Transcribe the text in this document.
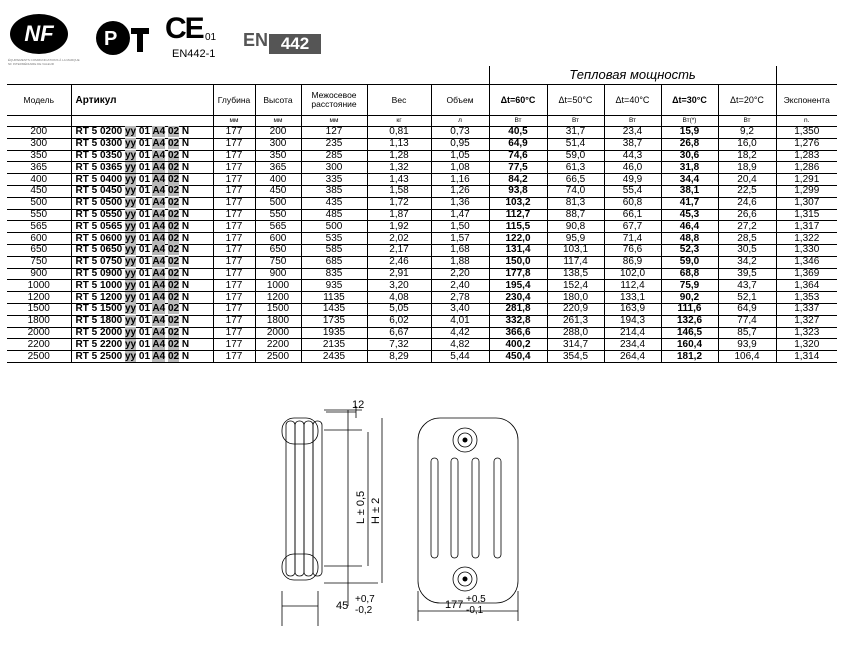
NF
ÉQUIPEMENTS COMMUNICATIONS À LA MARQUE NF INTERMÉDIAIRE DE VALEUR
Р CE 01
EN442-1
EN 442
							Тепловая мощность					
Модель	Артикул	Глубина	Высота	Межосевое расстояние	Вес	Объем	Δt=60°C	Δt=50°C	Δt=40°C	Δt=30°C	Δt=20°C	Экспонента
		мм	мм	мм	кг	л	Вт	Вт	Вт	Вт(*)	Вт	n.
200	RT 5 0200 yy 01 A4 02 N	177	200	127	0,81	0,73	40,5	31,7	23,4	15,9	9,2	1,350
300	RT 5 0300 yy 01 A4 02 N	177	300	235	1,13	0,95	64,9	51,4	38,7	26,8	16,0	1,276
350	RT 5 0350 yy 01 A4 02 N	177	350	285	1,28	1,05	74,6	59,0	44,3	30,6	18,2	1,283
365	RT 5 0365 yy 01 A4 02 N	177	365	300	1,32	1,08	77,5	61,3	46,0	31,8	18,9	1,286
400	RT 5 0400 yy 01 A4 02 N	177	400	335	1,43	1,16	84,2	66,5	49,9	34,4	20,4	1,291
450	RT 5 0450 yy 01 A4 02 N	177	450	385	1,58	1,26	93,8	74,0	55,4	38,1	22,5	1,299
500	RT 5 0500 yy 01 A4 02 N	177	500	435	1,72	1,36	103,2	81,3	60,8	41,7	24,6	1,307
550	RT 5 0550 yy 01 A4 02 N	177	550	485	1,87	1,47	112,7	88,7	66,1	45,3	26,6	1,315
565	RT 5 0565 yy 01 A4 02 N	177	565	500	1,92	1,50	115,5	90,8	67,7	46,4	27,2	1,317
600	RT 5 0600 yy 01 A4 02 N	177	600	535	2,02	1,57	122,0	95,9	71,4	48,8	28,5	1,322
650	RT 5 0650 yy 01 A4 02 N	177	650	585	2,17	1,68	131,4	103,1	76,6	52,3	30,5	1,330
750	RT 5 0750 yy 01 A4 02 N	177	750	685	2,46	1,88	150,0	117,4	86,9	59,0	34,2	1,346
900	RT 5 0900 yy 01 A4 02 N	177	900	835	2,91	2,20	177,8	138,5	102,0	68,8	39,5	1,369
1000	RT 5 1000 yy 01 A4 02 N	177	1000	935	3,20	2,40	195,4	152,4	112,4	75,9	43,7	1,364
1200	RT 5 1200 yy 01 A4 02 N	177	1200	1135	4,08	2,78	230,4	180,0	133,1	90,2	52,1	1,353
1500	RT 5 1500 yy 01 A4 02 N	177	1500	1435	5,05	3,40	281,8	220,9	163,9	111,6	64,9	1,337
1800	RT 5 1800 yy 01 A4 02 N	177	1800	1735	6,02	4,01	332,8	261,3	194,3	132,6	77,4	1,327
2000	RT 5 2000 yy 01 A4 02 N	177	2000	1935	6,67	4,42	366,6	288,0	214,4	146,5	85,7	1,323
2200	RT 5 2200 yy 01 A4 02 N	177	2200	2135	7,32	4,82	400,2	314,7	234,4	160,4	93,9	1,320
2500	RT 5 2500 yy 01 A4 02 N	177	2500	2435	8,29	5,44	450,4	354,5	264,4	181,2	106,4	1,314
12
L ± 0,5 H ± 2
45
+0,7
-0,2	177 +0,5
-0,1
